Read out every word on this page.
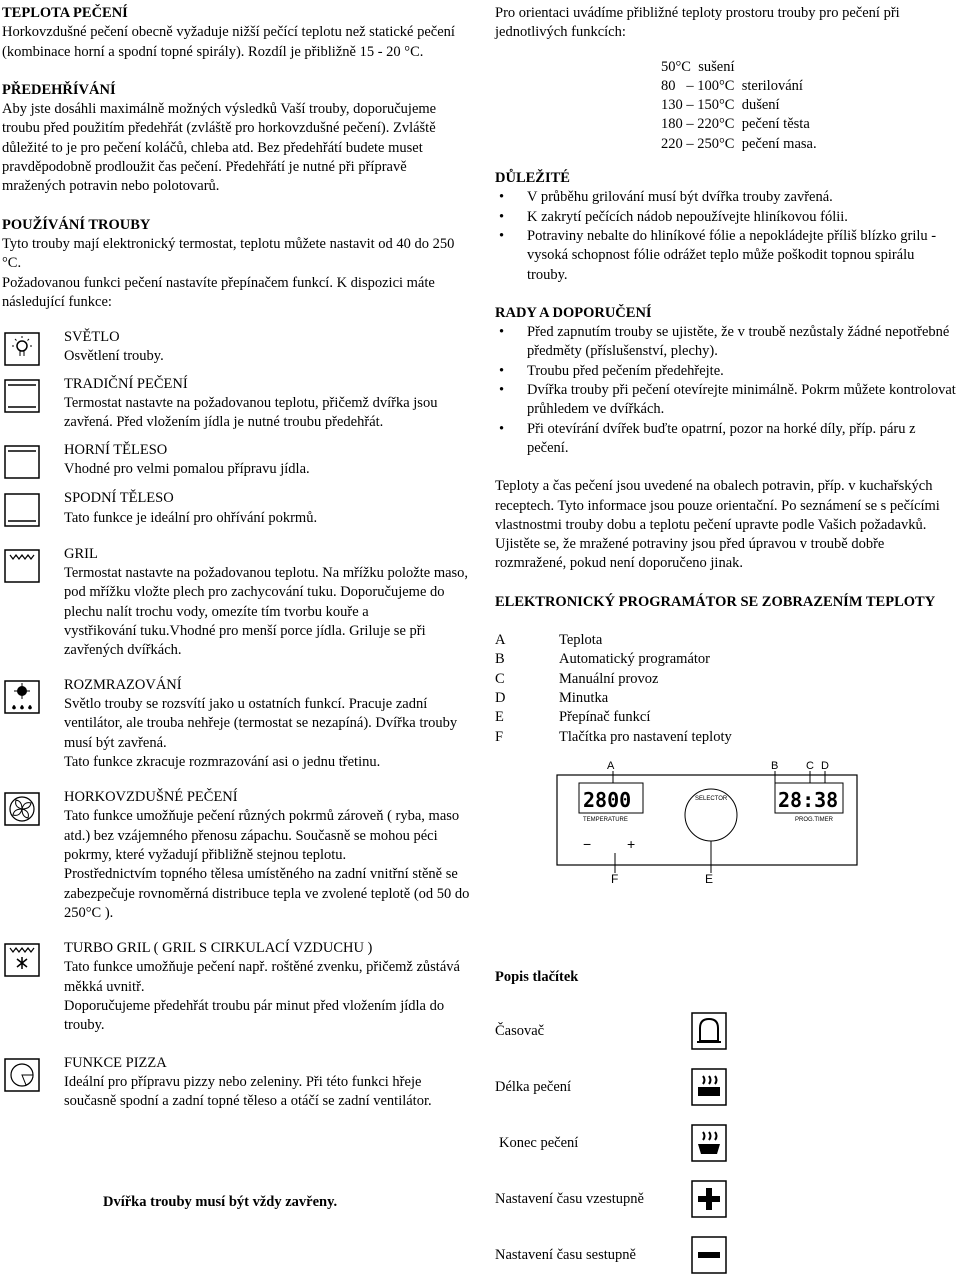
TEPLOTA PEČENÍ

Horkovzdušné pečení obecně vyžaduje nižší pečící teplotu než statické pečení (kombinace horní a spodní topné spirály). Rozdíl je přibližně 15 - 20 °C.

PŘEDEHŘÍVÁNÍ

Aby jste dosáhli maximálně možných výsledků Vaší trouby, doporučujeme troubu před použitím předehřát (zvláště pro horkovzdušné pečení). Zvláště důležité to je pro pečení koláčů, chleba atd. Bez předehřátí budete muset pravděpodobně prodloužit čas pečení. Předehřátí je nutné při přípravě mražených potravin nebo polotovarů.

POUŽÍVÁNÍ TROUBY

Tyto trouby mají elektronický termostat, teplotu můžete nastavit od 40 do 250 °C.

Požadovanou funkci pečení nastavíte přepínačem funkcí. K dispozici máte následující funkce:

SVĚTLO
Osvětlení trouby.
TRADIČNÍ PEČENÍ
Termostat nastavte na požadovanou teplotu, přičemž dvířka jsou zavřená. Před vložením jídla je nutné troubu předehřát.
HORNÍ TĚLESO
Vhodné pro velmi pomalou přípravu jídla.
SPODNÍ TĚLESO
Tato funkce je ideální pro ohřívání pokrmů.
GRIL
Termostat nastavte na požadovanou teplotu. Na mřížku položte maso, pod mřížku vložte plech pro zachycování tuku. Doporučujeme do plechu nalít trochu vody, omezíte tím tvorbu kouře a
vystřikování tuku.Vhodné pro menší porce jídla. Griluje se při zavřených dvířkách.
ROZMRAZOVÁNÍ
Světlo trouby se rozsvítí jako u ostatních funkcí. Pracuje zadní ventilátor, ale trouba nehřeje (termostat se nezapíná). Dvířka trouby musí být zavřená.
Tato funkce zkracuje rozmrazování asi o jednu třetinu.
HORKOVZDUŠNÉ PEČENÍ
Tato funkce umožňuje pečení různých pokrmů zároveň ( ryba, maso atd.) bez vzájemného přenosu zápachu. Současně se mohou péci pokrmy, které vyžadují přibližně stejnou teplotu.
Prostřednictvím topného tělesa umístěného na zadní vnitřní stěně se zabezpečuje rovnoměrná distribuce tepla ve zvolené teplotě (od 50 do 250°C ).
TURBO GRIL ( GRIL S CIRKULACÍ VZDUCHU )
Tato funkce umožňuje pečení např. roštěné zvenku, přičemž zůstává měkká uvnitř.
Doporučujeme předehřát troubu pár minut před vložením jídla do trouby.
FUNKCE PIZZA
Ideální pro přípravu pizzy nebo zeleniny. Při této funkci hřeje současně spodní a zadní topné těleso a otáčí se zadní ventilátor.
Dvířka trouby musí být vždy zavřeny.

Pro orientaci uvádíme přibližné teploty prostoru trouby pro pečení při jednotlivých funkcích:

50°C  sušení
80   – 100°C  sterilování
130 – 150°C  dušení
180 – 220°C  pečení těsta
220 – 250°C  pečení masa.
DŮLEŽITÉ
• V průběhu grilování musí být dvířka trouby zavřená.
• K zakrytí pečících nádob nepoužívejte hliníkovou fólii.
• Potraviny nebalte do hliníkové fólie a nepokládejte příliš blízko grilu - vysoká schopnost fólie odrážet teplo může poškodit topnou spirálu trouby.
RADY A DOPORUČENÍ
• Před zapnutím trouby se ujistěte, že v troubě nezůstaly žádné nepotřebné předměty (příslušenství, plechy).
• Troubu před pečením předehřejte.
• Dvířka trouby při pečení otevírejte minimálně. Pokrm můžete kontrolovat průhledem ve dvířkách.
• Při otevírání dvířek buďte opatrní, pozor na horké díly, příp. páru z pečení.

Teploty a čas pečení jsou uvedené na obalech potravin, příp. v kuchařských receptech. Tyto informace jsou pouze orientační. Po seznámení se s pečícími vlastnostmi trouby dobu a teplotu pečení upravte podle Vašich požadavků.

Ujistěte se, že mražené potraviny jsou před úpravou v troubě dobře rozmražené, pokud není doporučeno jinak.

ELEKTRONICKÝ PROGRAMÁTOR SE ZOBRAZENÍM TEPLOTY
A	Teplota
B	Automatický programátor
C	Manuální provoz
D	Minutka
E	Přepínač funkcí
F	Tlačítka pro nastavení teploty
A	B	C D
2800
TEMPERATURE
28:38
PROG.TIMER
SELECTOR
−	+
F	E
Popis tlačítek
Časovač
Délka pečení
Konec pečení
Nastavení času vzestupně
Nastavení času sestupně
